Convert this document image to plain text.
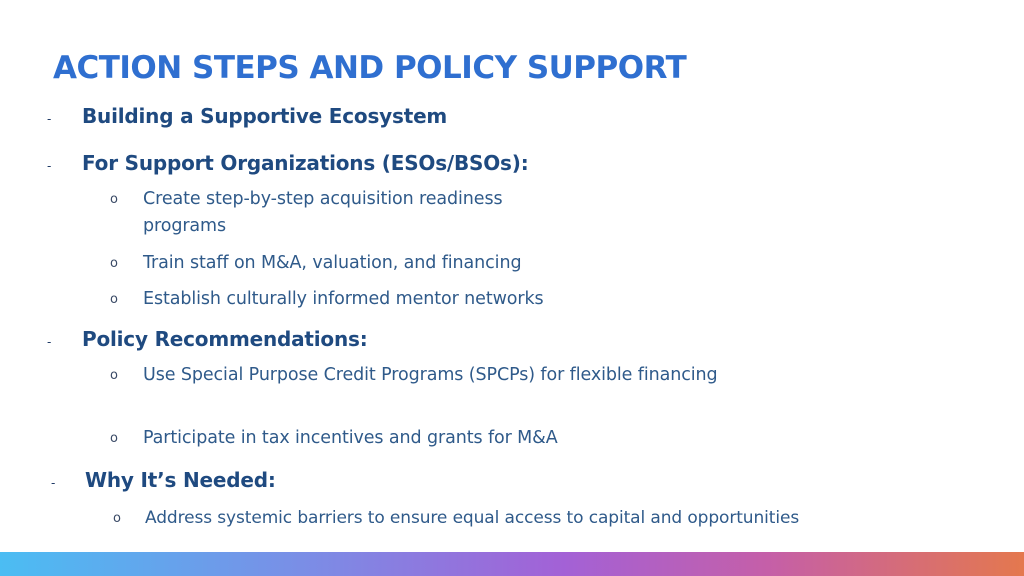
ACTION STEPS AND POLICY SUPPORT
- Building a Supportive Ecosystem
- For Support Organizations (ESOs/BSOs):
o Create step-by-step acquisition readiness programs
o Train staff on M&A, valuation, and financing
o Establish culturally informed mentor networks
- Policy Recommendations:
o Use Special Purpose Credit Programs (SPCPs) for flexible financing
o Participate in tax incentives and grants for M&A
- Why It’s Needed:
o Address systemic barriers to ensure equal access to capital and opportunities
